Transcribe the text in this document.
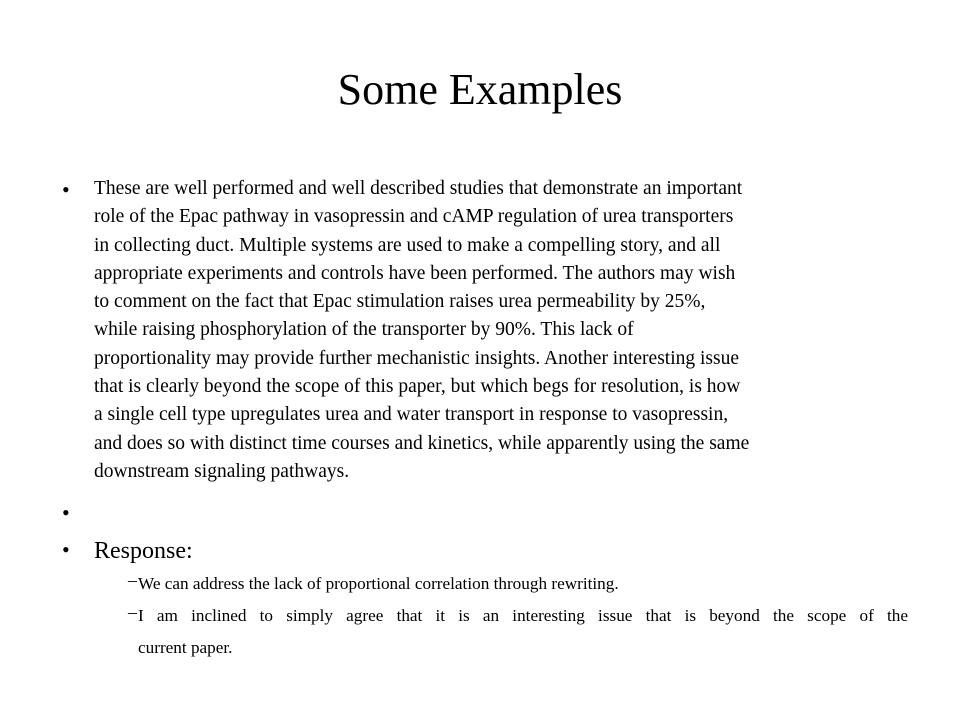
Some Examples
• These are well performed and well described studies that demonstrate an important
role of the Epac pathway in vasopressin and cAMP regulation of urea transporters
in collecting duct. Multiple systems are used to make a compelling story, and all
appropriate experiments and controls have been performed. The authors may wish
to comment on the fact that Epac stimulation raises urea permeability by 25%,
while raising phosphorylation of the transporter by 90%. This lack of
proportionality may provide further mechanistic insights. Another interesting issue
that is clearly beyond the scope of this paper, but which begs for resolution, is how
a single cell type upregulates urea and water transport in response to vasopressin,
and does so with distinct time courses and kinetics, while apparently using the same
downstream signaling pathways.
•
• Response:
– We can address the lack of proportional correlation through rewriting.
– I am inclined to simply agree that it is an interesting issue that is beyond the scope of the
current paper.
